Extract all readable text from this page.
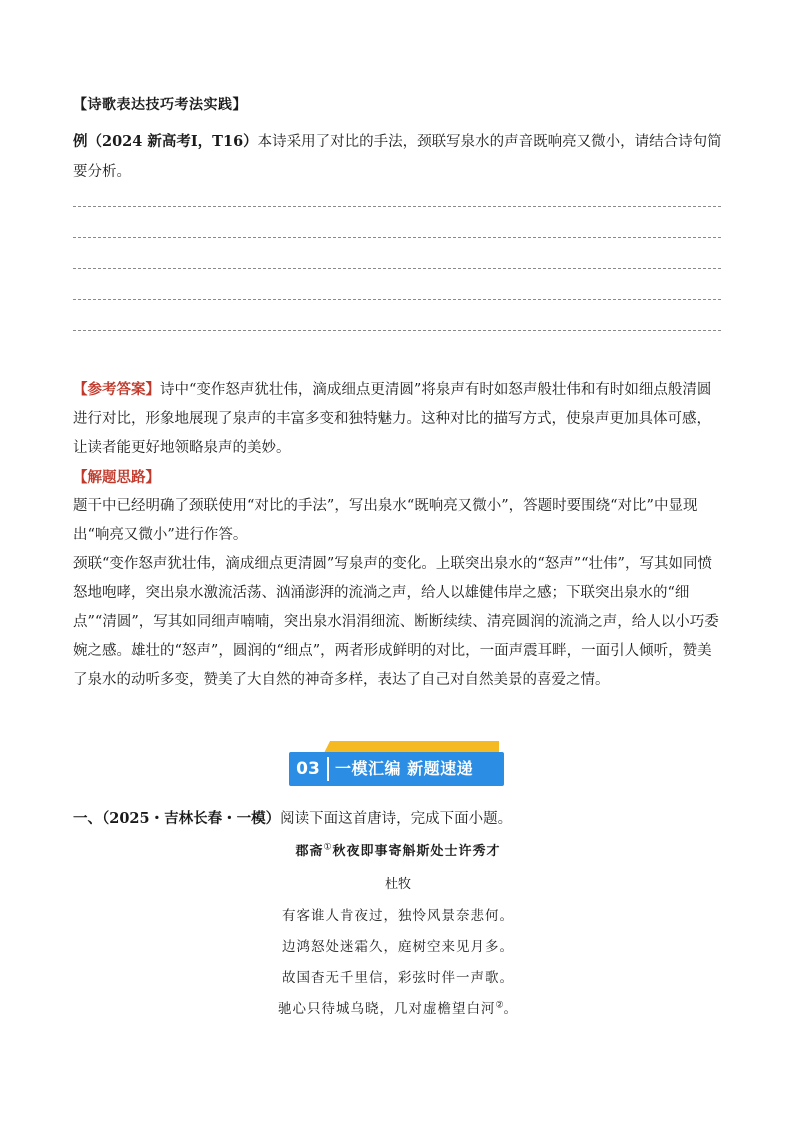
【诗歌表达技巧考法实践】
例（2024 新高考Ⅰ，T16）本诗采用了对比的手法，颈联写泉水的声音既响亮又微小，请结合诗句简要分析。
【参考答案】诗中“变作怒声犹壮伟，滴成细点更清圆”将泉声有时如怒声般壮伟和有时如细点般清圆进行对比，形象地展现了泉声的丰富多变和独特魅力。这种对比的描写方式，使泉声更加具体可感，让读者能更好地领略泉声的美妙。
【解题思路】
题干中已经明确了颈联使用“对比的手法”，写出泉水“既响亮又微小”，答题时要围绕“对比”中显现出“响亮又微小”进行作答。
颈联“变作怒声犹壮伟，滴成细点更清圆”写泉声的变化。上联突出泉水的“怒声”“壮伟”，写其如同愤怒地咆哮，突出泉水激流活荡、汹涌澎湃的流淌之声，给人以雄健伟岸之感；下联突出泉水的“细点”“清圆”，写其如同细声喃喃，突出泉水涓涓细流、断断续续、清亮圆润的流淌之声，给人以小巧委婉之感。雄壮的“怒声”，圆润的“细点”，两者形成鲜明的对比，一面声震耳畔，一面引人倾听，赞美了泉水的动听多变，赞美了大自然的神奇多样，表达了自己对自然美景的喜爱之情。
03 一模汇编 新题速递
一、（2025・吉林长春・一模）阅读下面这首唐诗，完成下面小题。
郡斋①秋夜即事寄斛斯处士许秀才
杜牧
有客谁人肯夜过，独怜风景奈悲何。
边鸿怒处迷霜久，庭树空来见月多。
故国杳无千里信，彩弦时伴一声歌。
驰心只待城乌晓，几对虚檐望白河②。
